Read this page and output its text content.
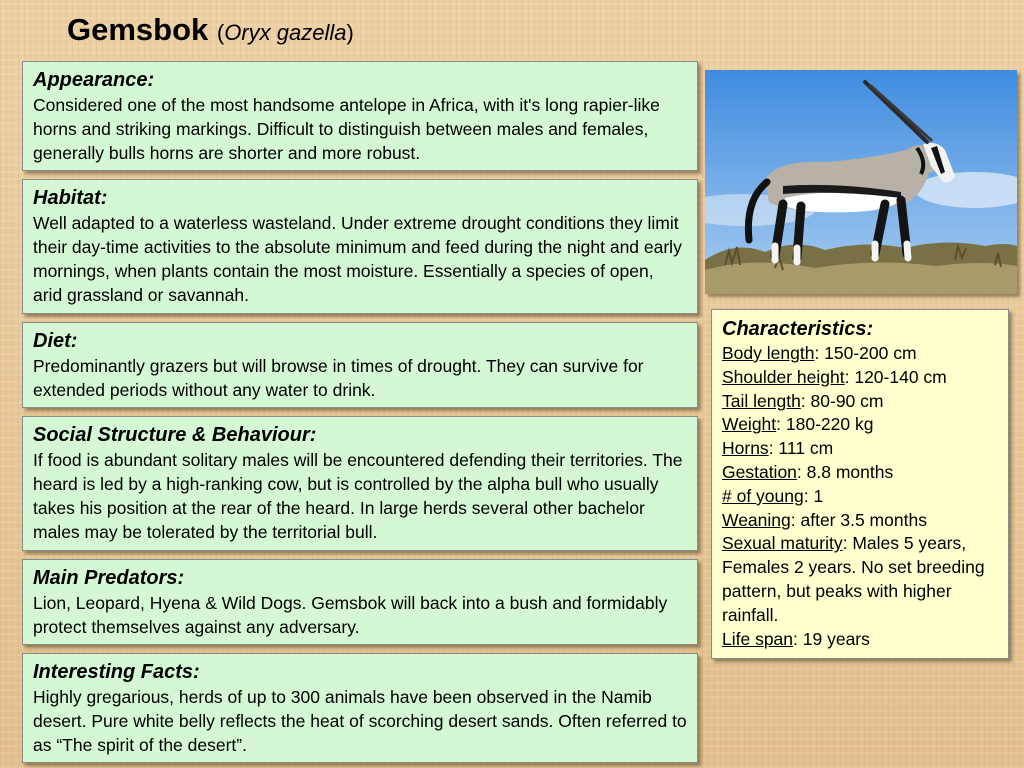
Gemsbok (Oryx gazella)
Appearance:

Considered one of the most handsome antelope in Africa, with it's long rapier-like horns and striking markings. Difficult to distinguish between males and females, generally bulls horns are shorter and more robust.

Habitat:

Well adapted to a waterless wasteland. Under extreme drought conditions they limit their day-time activities to the absolute minimum and feed during the night and early mornings, when plants contain the most moisture. Essentially a species of open, arid grassland or savannah.

Diet:

Predominantly grazers but will browse in times of drought. They can survive for extended periods without any water to drink.

Social Structure & Behaviour:

If food is abundant solitary males will be encountered defending their territories. The heard is led by a high-ranking cow, but is controlled by the alpha bull who usually takes his position at the rear of the heard. In large herds several other bachelor males may be tolerated by the territorial bull.

Main Predators:

Lion, Leopard, Hyena & Wild Dogs. Gemsbok will back into a bush and formidably protect themselves against any adversary.

Interesting Facts:

Highly gregarious, herds of up to 300 animals have been observed in the Namib desert. Pure white belly reflects the heat of scorching desert sands. Often referred to as “The spirit of the desert”.

Characteristics:
Body length: 150-200 cm
Shoulder height: 120-140 cm
Tail length: 80-90 cm
Weight: 180-220 kg
Horns: 111 cm
Gestation: 8.8 months
# of young: 1
Weaning: after 3.5 months
Sexual maturity: Males 5 years, Females 2 years. No set breeding pattern, but peaks with higher rainfall.
Life span: 19 years
